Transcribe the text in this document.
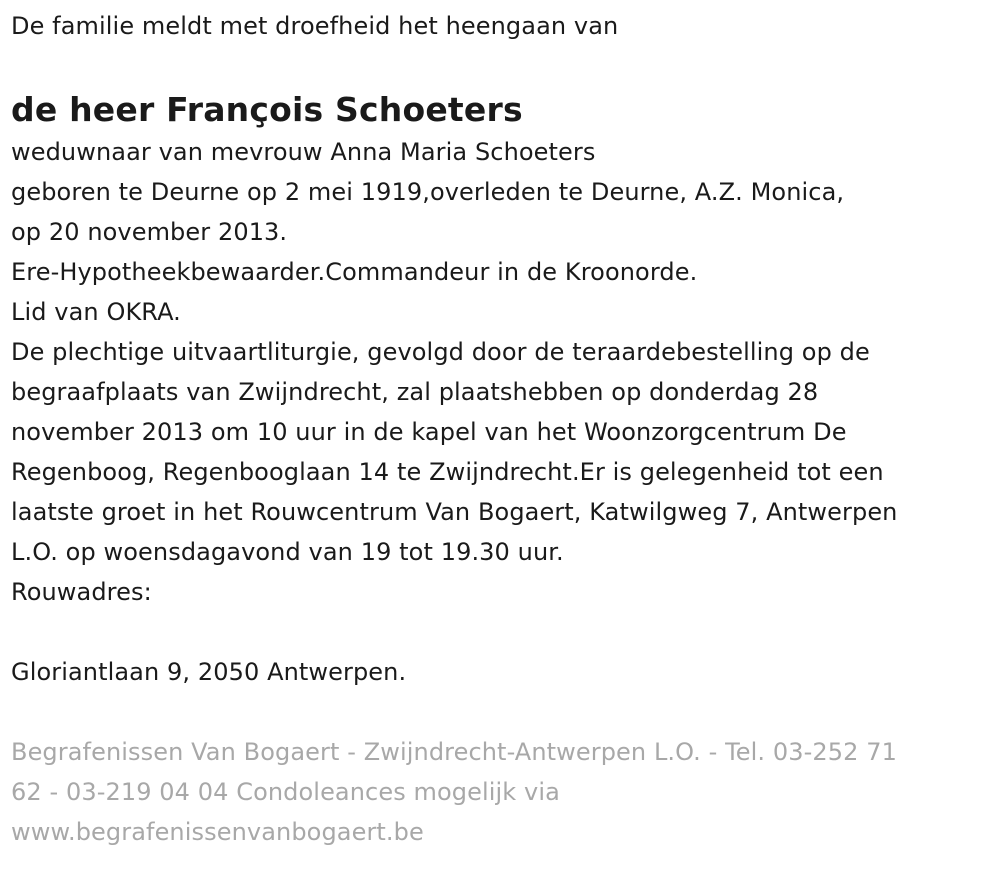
De familie meldt met droefheid het heengaan van
de heer François Schoeters
weduwnaar van mevrouw Anna Maria Schoeters
geboren te Deurne op 2 mei 1919,overleden te Deurne, A.Z. Monica,
op 20 november 2013.
Ere-Hypotheekbewaarder.Commandeur in de Kroonorde.
Lid van OKRA.
De plechtige uitvaartliturgie, gevolgd door de teraardebestelling op de
begraafplaats van Zwijndrecht, zal plaatshebben op donderdag 28
november 2013 om 10 uur in de kapel van het Woonzorgcentrum De
Regenboog, Regenbooglaan 14 te Zwijndrecht.Er is gelegenheid tot een
laatste groet in het Rouwcentrum Van Bogaert, Katwilgweg 7, Antwerpen
L.O. op woensdagavond van 19 tot 19.30 uur.
Rouwadres:
Gloriantlaan 9, 2050 Antwerpen.
Begrafenissen Van Bogaert - Zwijndrecht-Antwerpen L.O. - Tel. 03-252 71
62 - 03-219 04 04 Condoleances mogelijk via
www.begrafenissenvanbogaert.be
